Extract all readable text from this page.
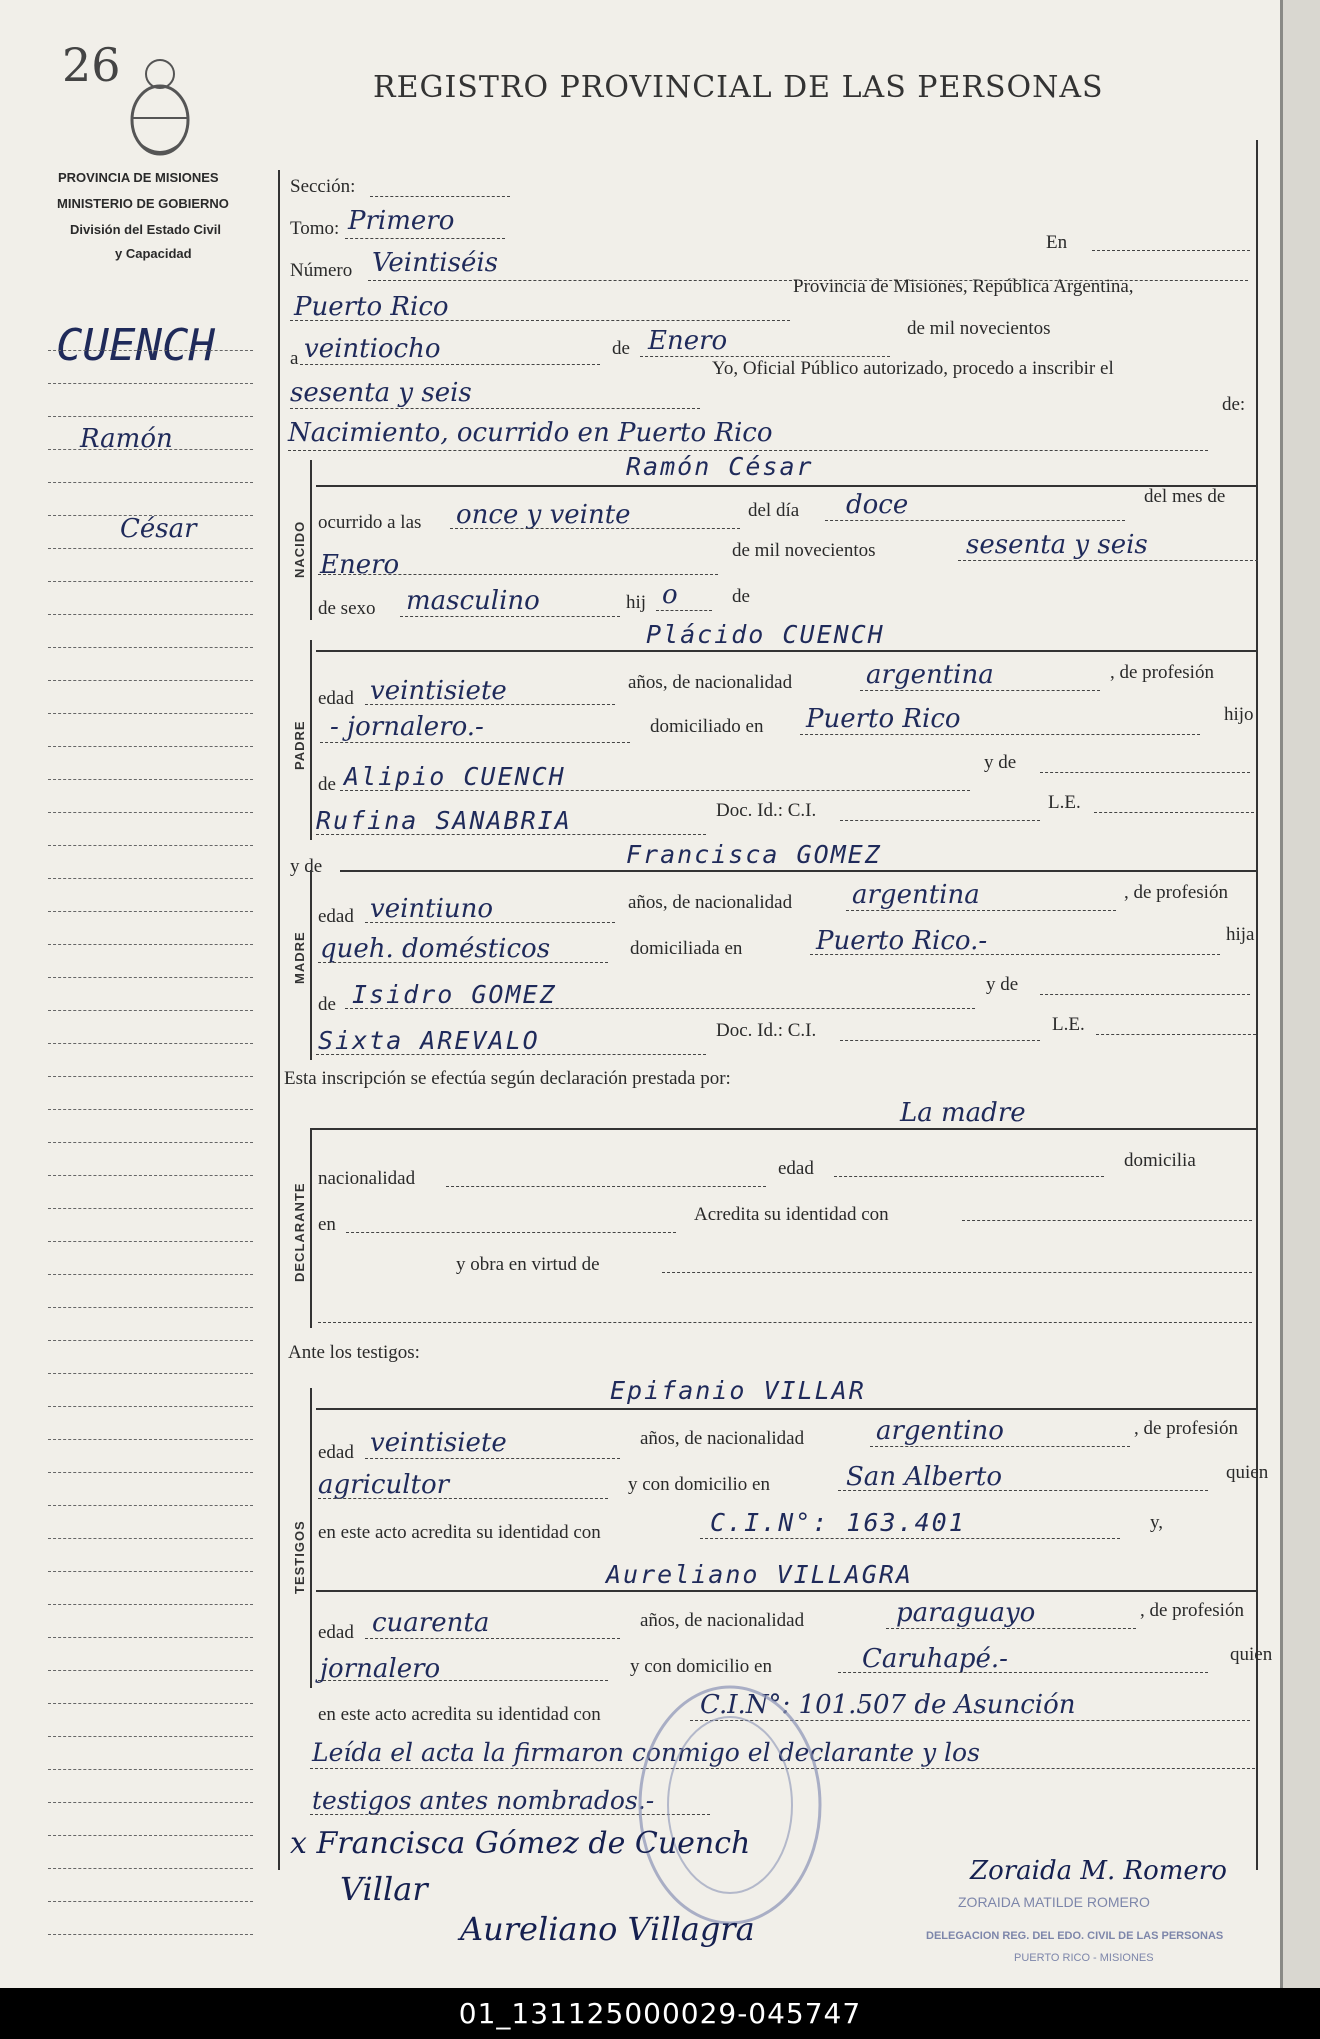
26	REGISTRO PROVINCIAL DE LAS PERSONAS
PROVINCIA DE MISIONES
MINISTERIO DE GOBIERNO
División del Estado Civil
y Capacidad
CUENCH
Ramón
César
Sección:
Tomo: Primero
En
Número Veintiséis
Puerto Rico
Provincia de Misiones, República Argentina,
a veintiocho	de Enero	de mil novecientos
sesenta y seis
Yo, Oficial Público autorizado, procedo a inscribir el
Nacimiento, ocurrido en Puerto Rico
de:
NACIDO
Ramón César
ocurrido a las once y veinte	del día doce	del mes de
Enero	de mil novecientos	sesenta y seis
de sexo masculino	hij o	de
PADRE
Plácido CUENCH
edad veintisiete	años, de nacionalidad	argentina	, de profesión
- jornalero.-	domiciliado en Puerto Rico	hijo
de Alipio CUENCH	y de
Rufina SANABRIA	Doc. Id.: C.I.	L.E.
y de	Francisca GOMEZ
MADRE
edad veintiuno	años, de nacionalidad argentina	, de profesión
queh. domésticos	domiciliada en	Puerto Rico.-	hija
de Isidro GOMEZ	y de
Sixta AREVALO	Doc. Id.: C.I.	L.E.
Esta inscripción se efectúa según declaración prestada por:
La madre
DECLARANTE
nacionalidad	edad	domicilia
en	Acredita su identidad con
y obra en virtud de
Ante los testigos:
TESTIGOS
Epifanio VILLAR
edad veintisiete	años, de nacionalidad	argentino	, de profesión
agricultor	y con domicilio en	San Alberto	quien
en este acto acredita su identidad con	C.I.N°: 163.401	y,
Aureliano VILLAGRA
edad cuarenta	años, de nacionalidad	paraguayo	, de profesión
jornalero	y con domicilio en	Caruhapé.-	quien
en este acto acredita su identidad con	C.I.N°: 101.507 de Asunción
Leída el acta la firmaron conmigo el declarante y los
testigos antes nombrados.-
x Francisca Gómez de Cuench
Villar
Aureliano Villagra
Zoraida M. Romero
ZORAIDA MATILDE ROMERO
DELEGACION REG. DEL EDO. CIVIL DE LAS PERSONAS
PUERTO RICO - MISIONES
01_131125000029-045747
